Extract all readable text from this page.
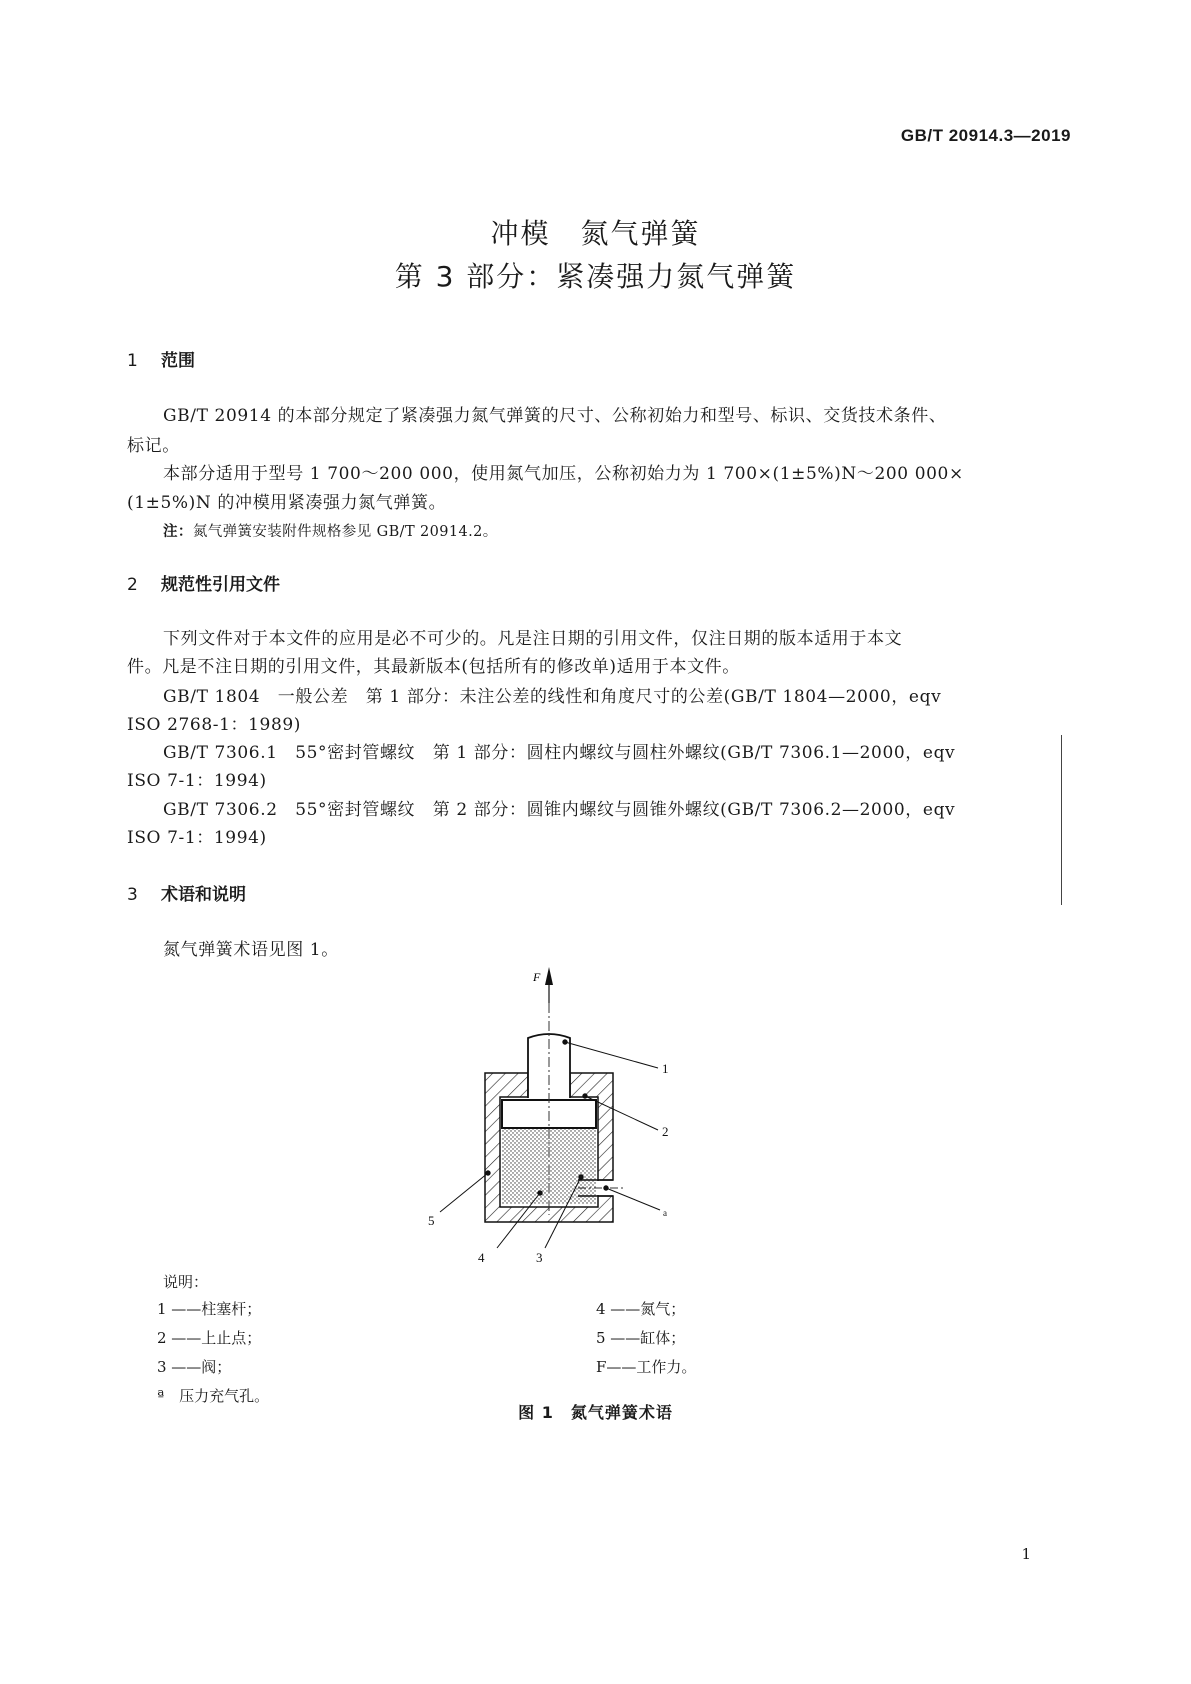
GB/T 20914.3—2019
冲模　氮气弹簧
第 3 部分：紧凑强力氮气弹簧
1 范围
GB/T 20914 的本部分规定了紧凑强力氮气弹簧的尺寸、公称初始力和型号、标识、交货技术条件、
标记。
本部分适用于型号 1 700～200 000，使用氮气加压，公称初始力为 1 700×(1±5%)N～200 000×
(1±5%)N 的冲模用紧凑强力氮气弹簧。
注：氮气弹簧安装附件规格参见 GB/T 20914.2。
2 规范性引用文件
下列文件对于本文件的应用是必不可少的。凡是注日期的引用文件，仅注日期的版本适用于本文
件。凡是不注日期的引用文件，其最新版本(包括所有的修改单)适用于本文件。
GB/T 1804　一般公差　第 1 部分：未注公差的线性和角度尺寸的公差(GB/T 1804—2000，eqv
ISO 2768-1：1989)
GB/T 7306.1　55°密封管螺纹　第 1 部分：圆柱内螺纹与圆柱外螺纹(GB/T 7306.1—2000，eqv
ISO 7-1：1994)
GB/T 7306.2　55°密封管螺纹　第 2 部分：圆锥内螺纹与圆锥外螺纹(GB/T 7306.2—2000，eqv
ISO 7-1：1994)
3 术语和说明
氮气弹簧术语见图 1。
F
1
2
3
4
5	a
说明：
1 ——柱塞杆；
2 ——上止点；
3 ——阀；
ª　压力充气孔。
4 ——氮气；
5 ——缸体；
F——工作力。
图 1　氮气弹簧术语
1
